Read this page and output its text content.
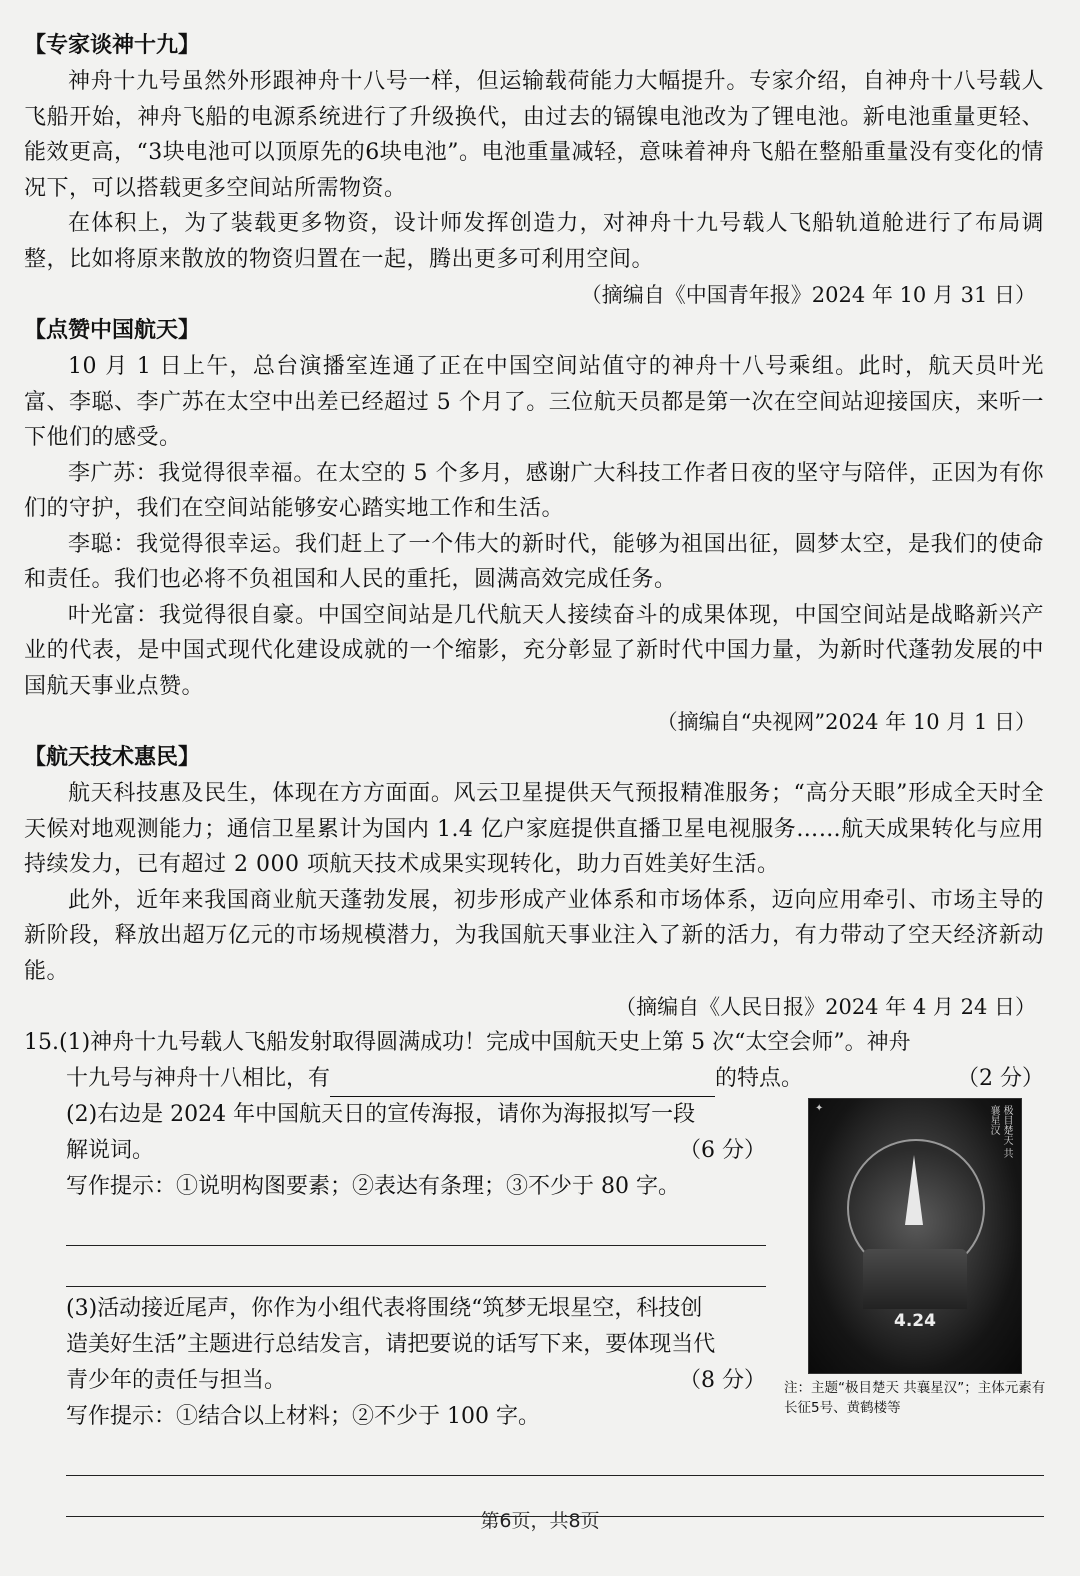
【专家谈神十九】

神舟十九号虽然外形跟神舟十八号一样，但运输载荷能力大幅提升。专家介绍，自神舟十八号载人飞船开始，神舟飞船的电源系统进行了升级换代，由过去的镉镍电池改为了锂电池。新电池重量更轻、能效更高，“3块电池可以顶原先的6块电池”。电池重量减轻，意味着神舟飞船在整船重量没有变化的情况下，可以搭载更多空间站所需物资。

在体积上，为了装载更多物资，设计师发挥创造力，对神舟十九号载人飞船轨道舱进行了布局调整，比如将原来散放的物资归置在一起，腾出更多可利用空间。

（摘编自《中国青年报》2024 年 10 月 31 日）

【点赞中国航天】

10 月 1 日上午，总台演播室连通了正在中国空间站值守的神舟十八号乘组。此时，航天员叶光富、李聪、李广苏在太空中出差已经超过 5 个月了。三位航天员都是第一次在空间站迎接国庆，来听一下他们的感受。

李广苏：我觉得很幸福。在太空的 5 个多月，感谢广大科技工作者日夜的坚守与陪伴，正因为有你们的守护，我们在空间站能够安心踏实地工作和生活。

李聪：我觉得很幸运。我们赶上了一个伟大的新时代，能够为祖国出征，圆梦太空，是我们的使命和责任。我们也必将不负祖国和人民的重托，圆满高效完成任务。

叶光富：我觉得很自豪。中国空间站是几代航天人接续奋斗的成果体现，中国空间站是战略新兴产业的代表，是中国式现代化建设成就的一个缩影，充分彰显了新时代中国力量，为新时代蓬勃发展的中国航天事业点赞。

（摘编自“央视网”2024 年 10 月 1 日）

【航天技术惠民】

航天科技惠及民生，体现在方方面面。风云卫星提供天气预报精准服务；“高分天眼”形成全天时全天候对地观测能力；通信卫星累计为国内 1.4 亿户家庭提供直播卫星电视服务……航天成果转化与应用持续发力，已有超过 2 000 项航天技术成果实现转化，助力百姓美好生活。

此外，近年来我国商业航天蓬勃发展，初步形成产业体系和市场体系，迈向应用牵引、市场主导的新阶段，释放出超万亿元的市场规模潜力，为我国航天事业注入了新的活力，有力带动了空天经济新动能。

（摘编自《人民日报》2024 年 4 月 24 日）

15.(1)神舟十九号载人飞船发射取得圆满成功！完成中国航天史上第 5 次“太空会师”。神舟

十九号与神舟十八相比，有	的特点。	（2 分）

(2)右边是 2024 年中国航天日的宣传海报，请你为海报拟写一段

解说词。	（6 分）

写作提示：①说明构图要素；②表达有条理；③不少于 80 字。

(3)活动接近尾声，你作为小组代表将围绕“筑梦无垠星空，科技创

造美好生活”主题进行总结发言，请把要说的话写下来，要体现当代

青少年的责任与担当。	（8 分）

写作提示：①结合以上材料；②不少于 100 字。

✦	极目楚天 共襄星汉
4.24
注：主题“极目楚天 共襄星汉”；主体元素有长征5号、黄鹤楼等
第6页，共8页
